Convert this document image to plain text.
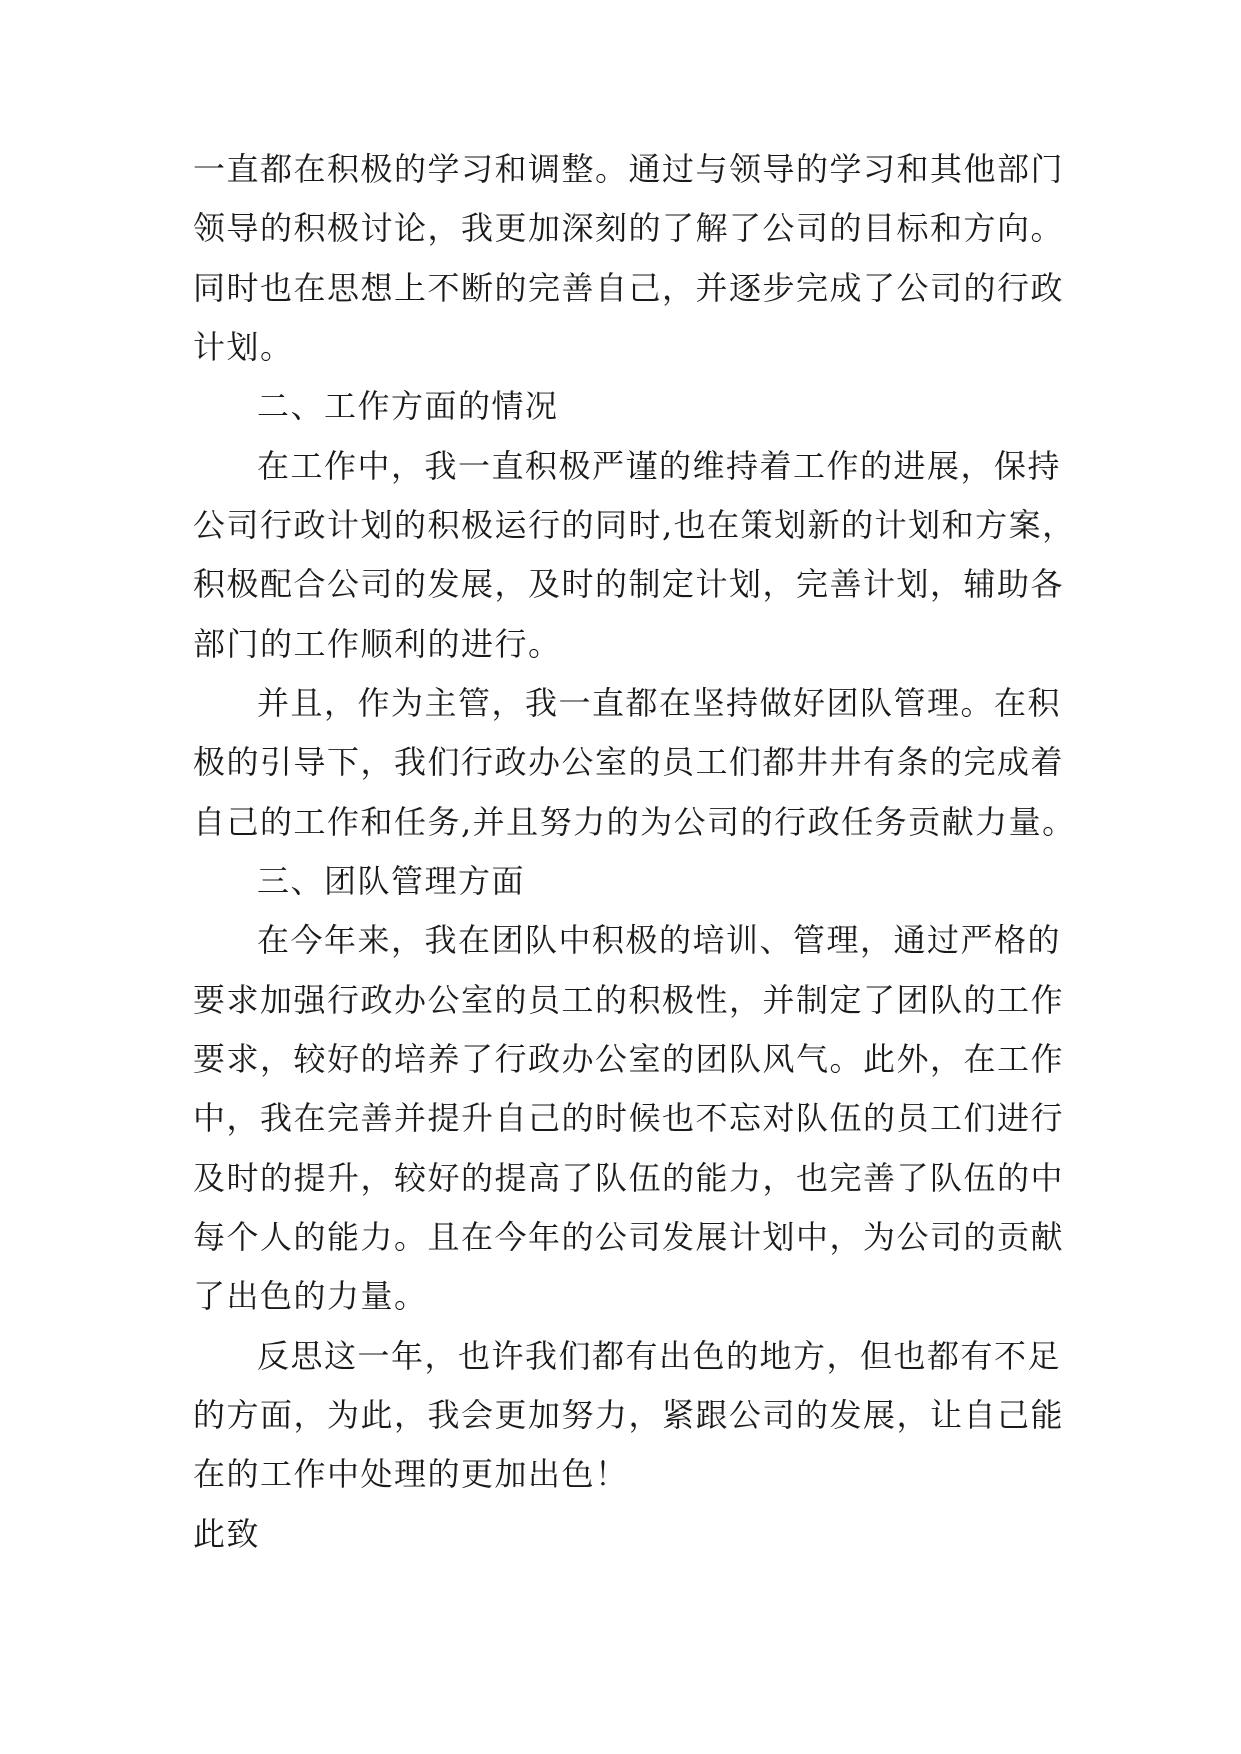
一直都在积极的学习和调整。通过与领导的学习和其他部门
领导的积极讨论，我更加深刻的了解了公司的目标和方向。
同时也在思想上不断的完善自己，并逐步完成了公司的行政
计划。
二、工作方面的情况
在工作中，我一直积极严谨的维持着工作的进展，保持
公司行政计划的积极运行的同时,也在策划新的计划和方案，
积极配合公司的发展，及时的制定计划，完善计划，辅助各
部门的工作顺利的进行。
并且，作为主管，我一直都在坚持做好团队管理。在积
极的引导下，我们行政办公室的员工们都井井有条的完成着
自己的工作和任务,并且努力的为公司的行政任务贡献力量。
三、团队管理方面
在今年来，我在团队中积极的培训、管理，通过严格的
要求加强行政办公室的员工的积极性，并制定了团队的工作
要求，较好的培养了行政办公室的团队风气。此外，在工作
中，我在完善并提升自己的时候也不忘对队伍的员工们进行
及时的提升，较好的提高了队伍的能力，也完善了队伍的中
每个人的能力。且在今年的公司发展计划中，为公司的贡献
了出色的力量。
反思这一年，也许我们都有出色的地方，但也都有不足
的方面，为此，我会更加努力，紧跟公司的发展，让自己能
在的工作中处理的更加出色！
此致
